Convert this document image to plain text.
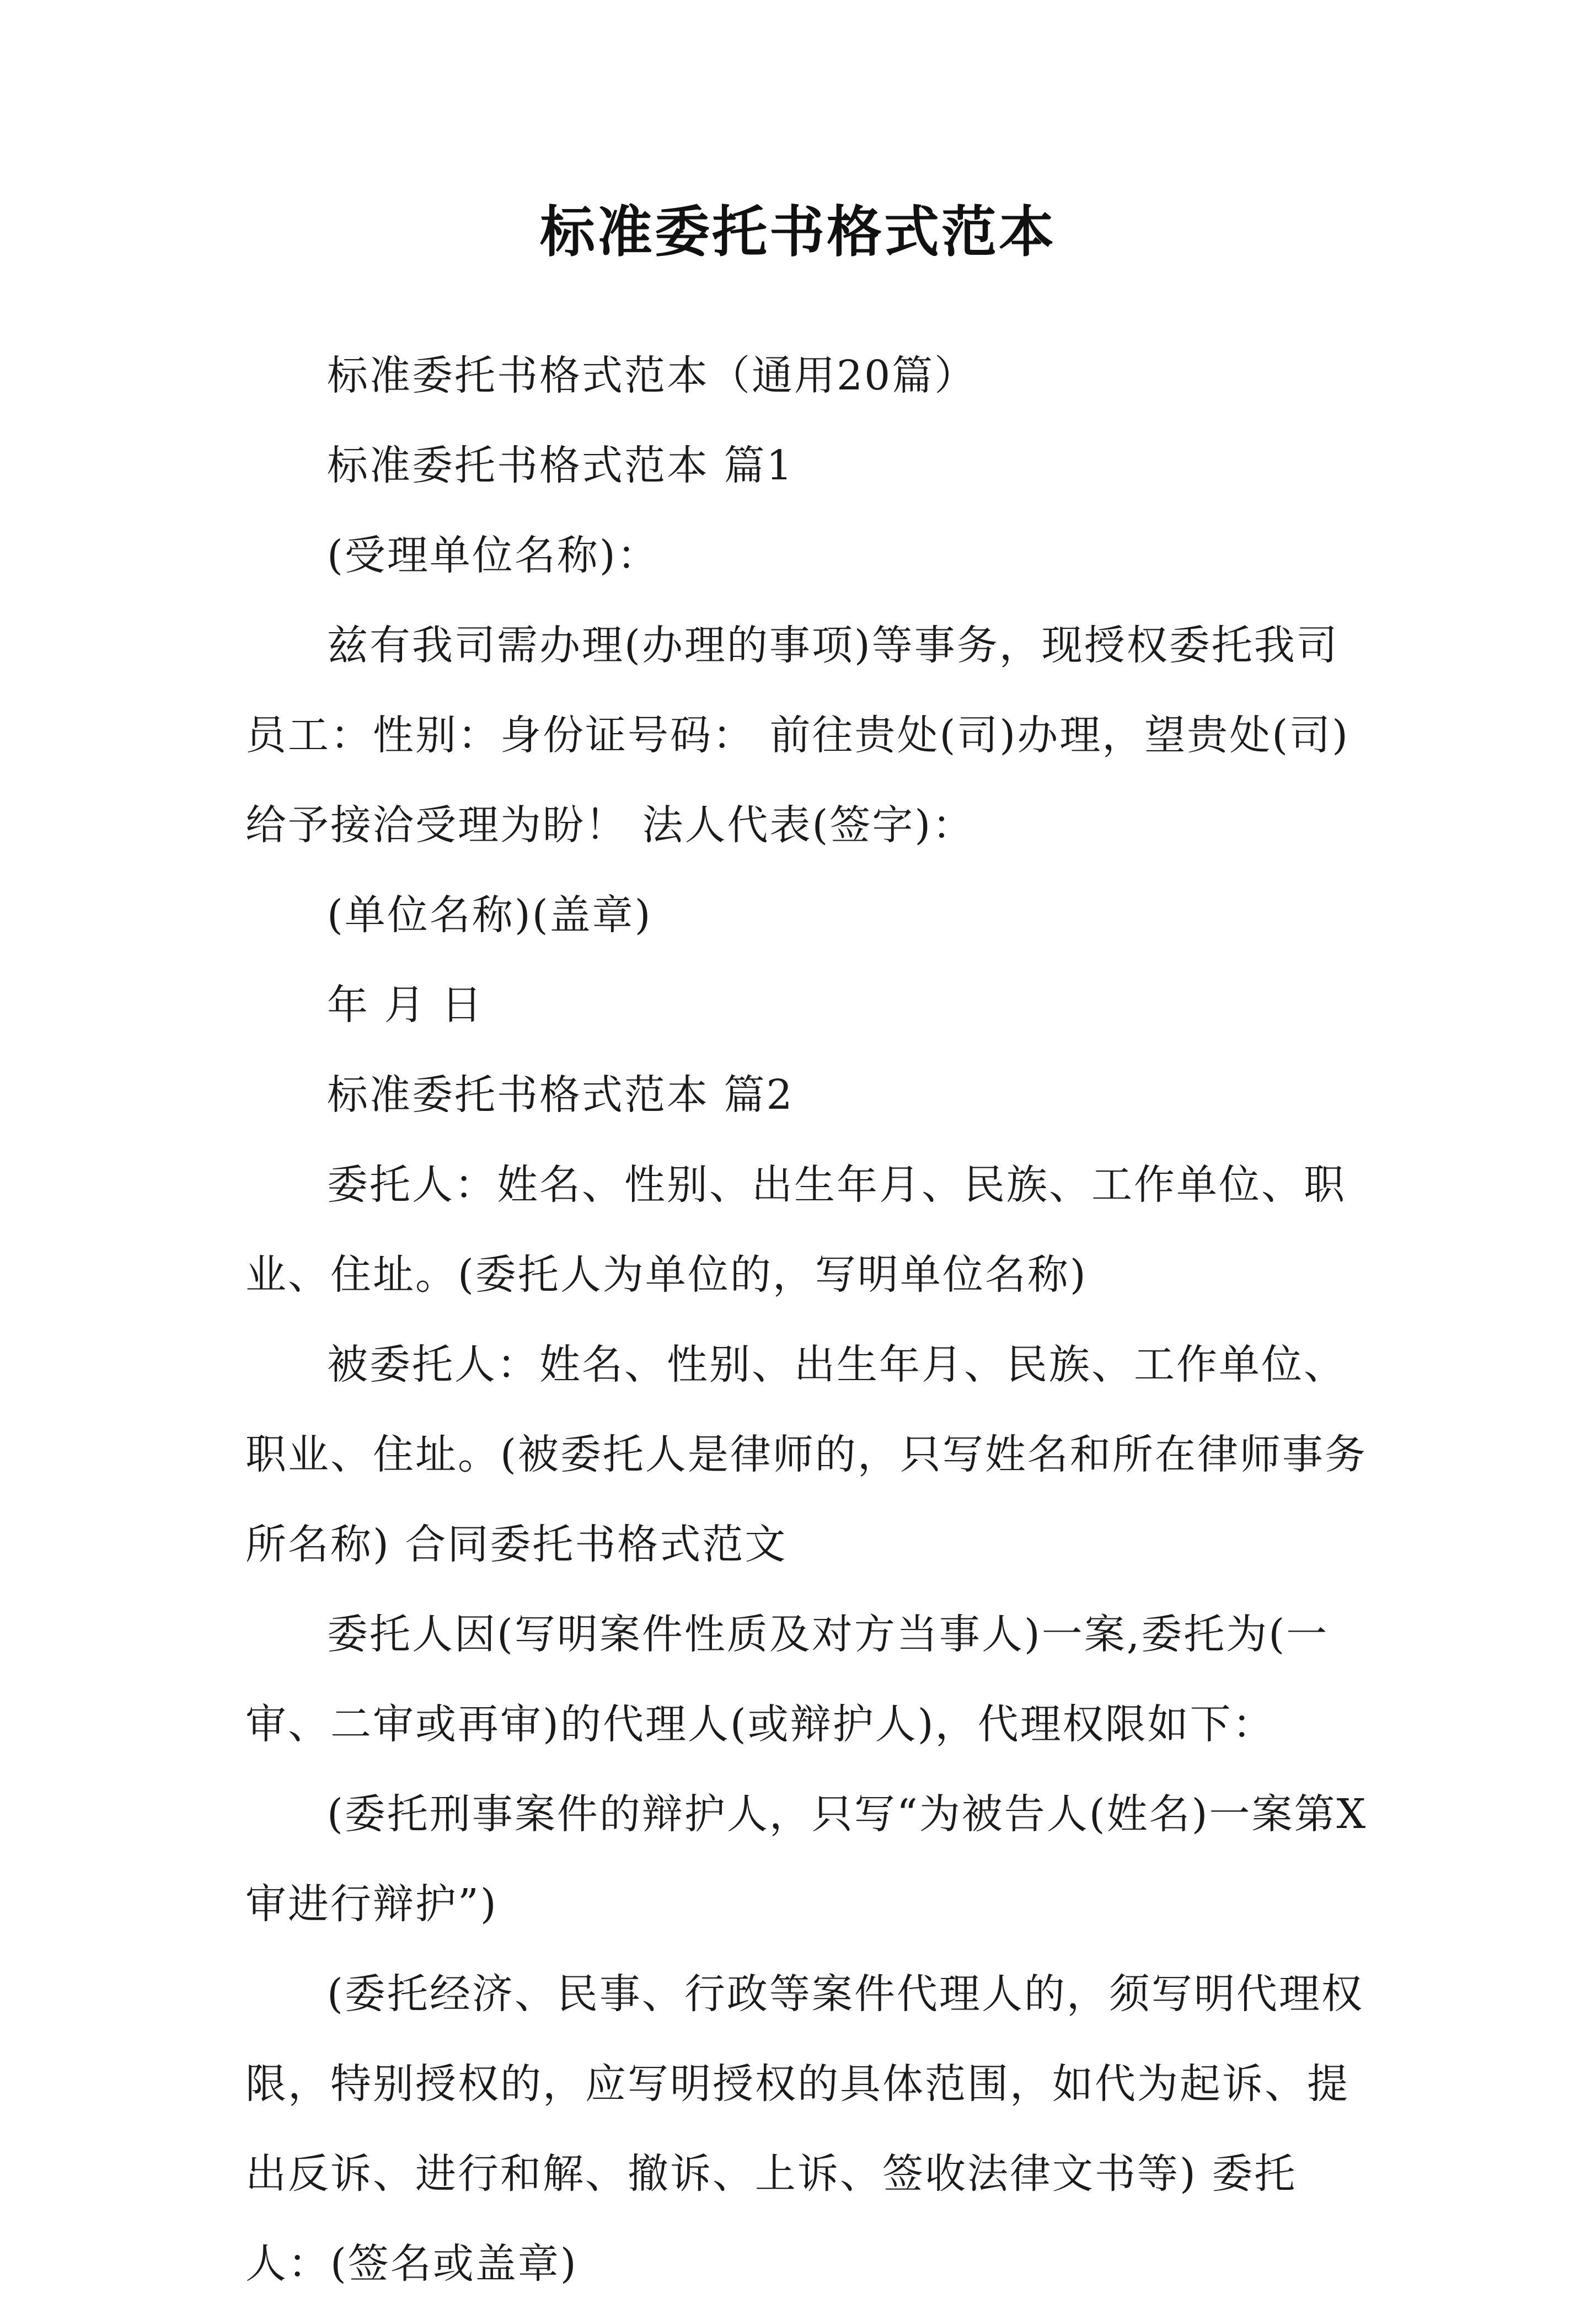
标准委托书格式范本

标准委托书格式范本（通用20篇）

标准委托书格式范本 篇1

(受理单位名称)：

兹有我司需办理(办理的事项)等事务，现授权委托我司员工：性别：身份证号码： 前往贵处(司)办理，望贵处(司)给予接洽受理为盼！ 法人代表(签字)：

(单位名称)(盖章)

年 月 日

标准委托书格式范本 篇2

委托人：姓名、性别、出生年月、民族、工作单位、职业、住址。(委托人为单位的，写明单位名称)

被委托人：姓名、性别、出生年月、民族、工作单位、职业、住址。(被委托人是律师的，只写姓名和所在律师事务所名称) 合同委托书格式范文

委托人因(写明案件性质及对方当事人)一案,委托为(一审、二审或再审)的代理人(或辩护人)，代理权限如下：

(委托刑事案件的辩护人，只写“为被告人(姓名)一案第X审进行辩护”)

(委托经济、民事、行政等案件代理人的，须写明代理权限，特别授权的，应写明授权的具体范围，如代为起诉、提出反诉、进行和解、撤诉、上诉、签收法律文书等) 委托人：(签名或盖章)
